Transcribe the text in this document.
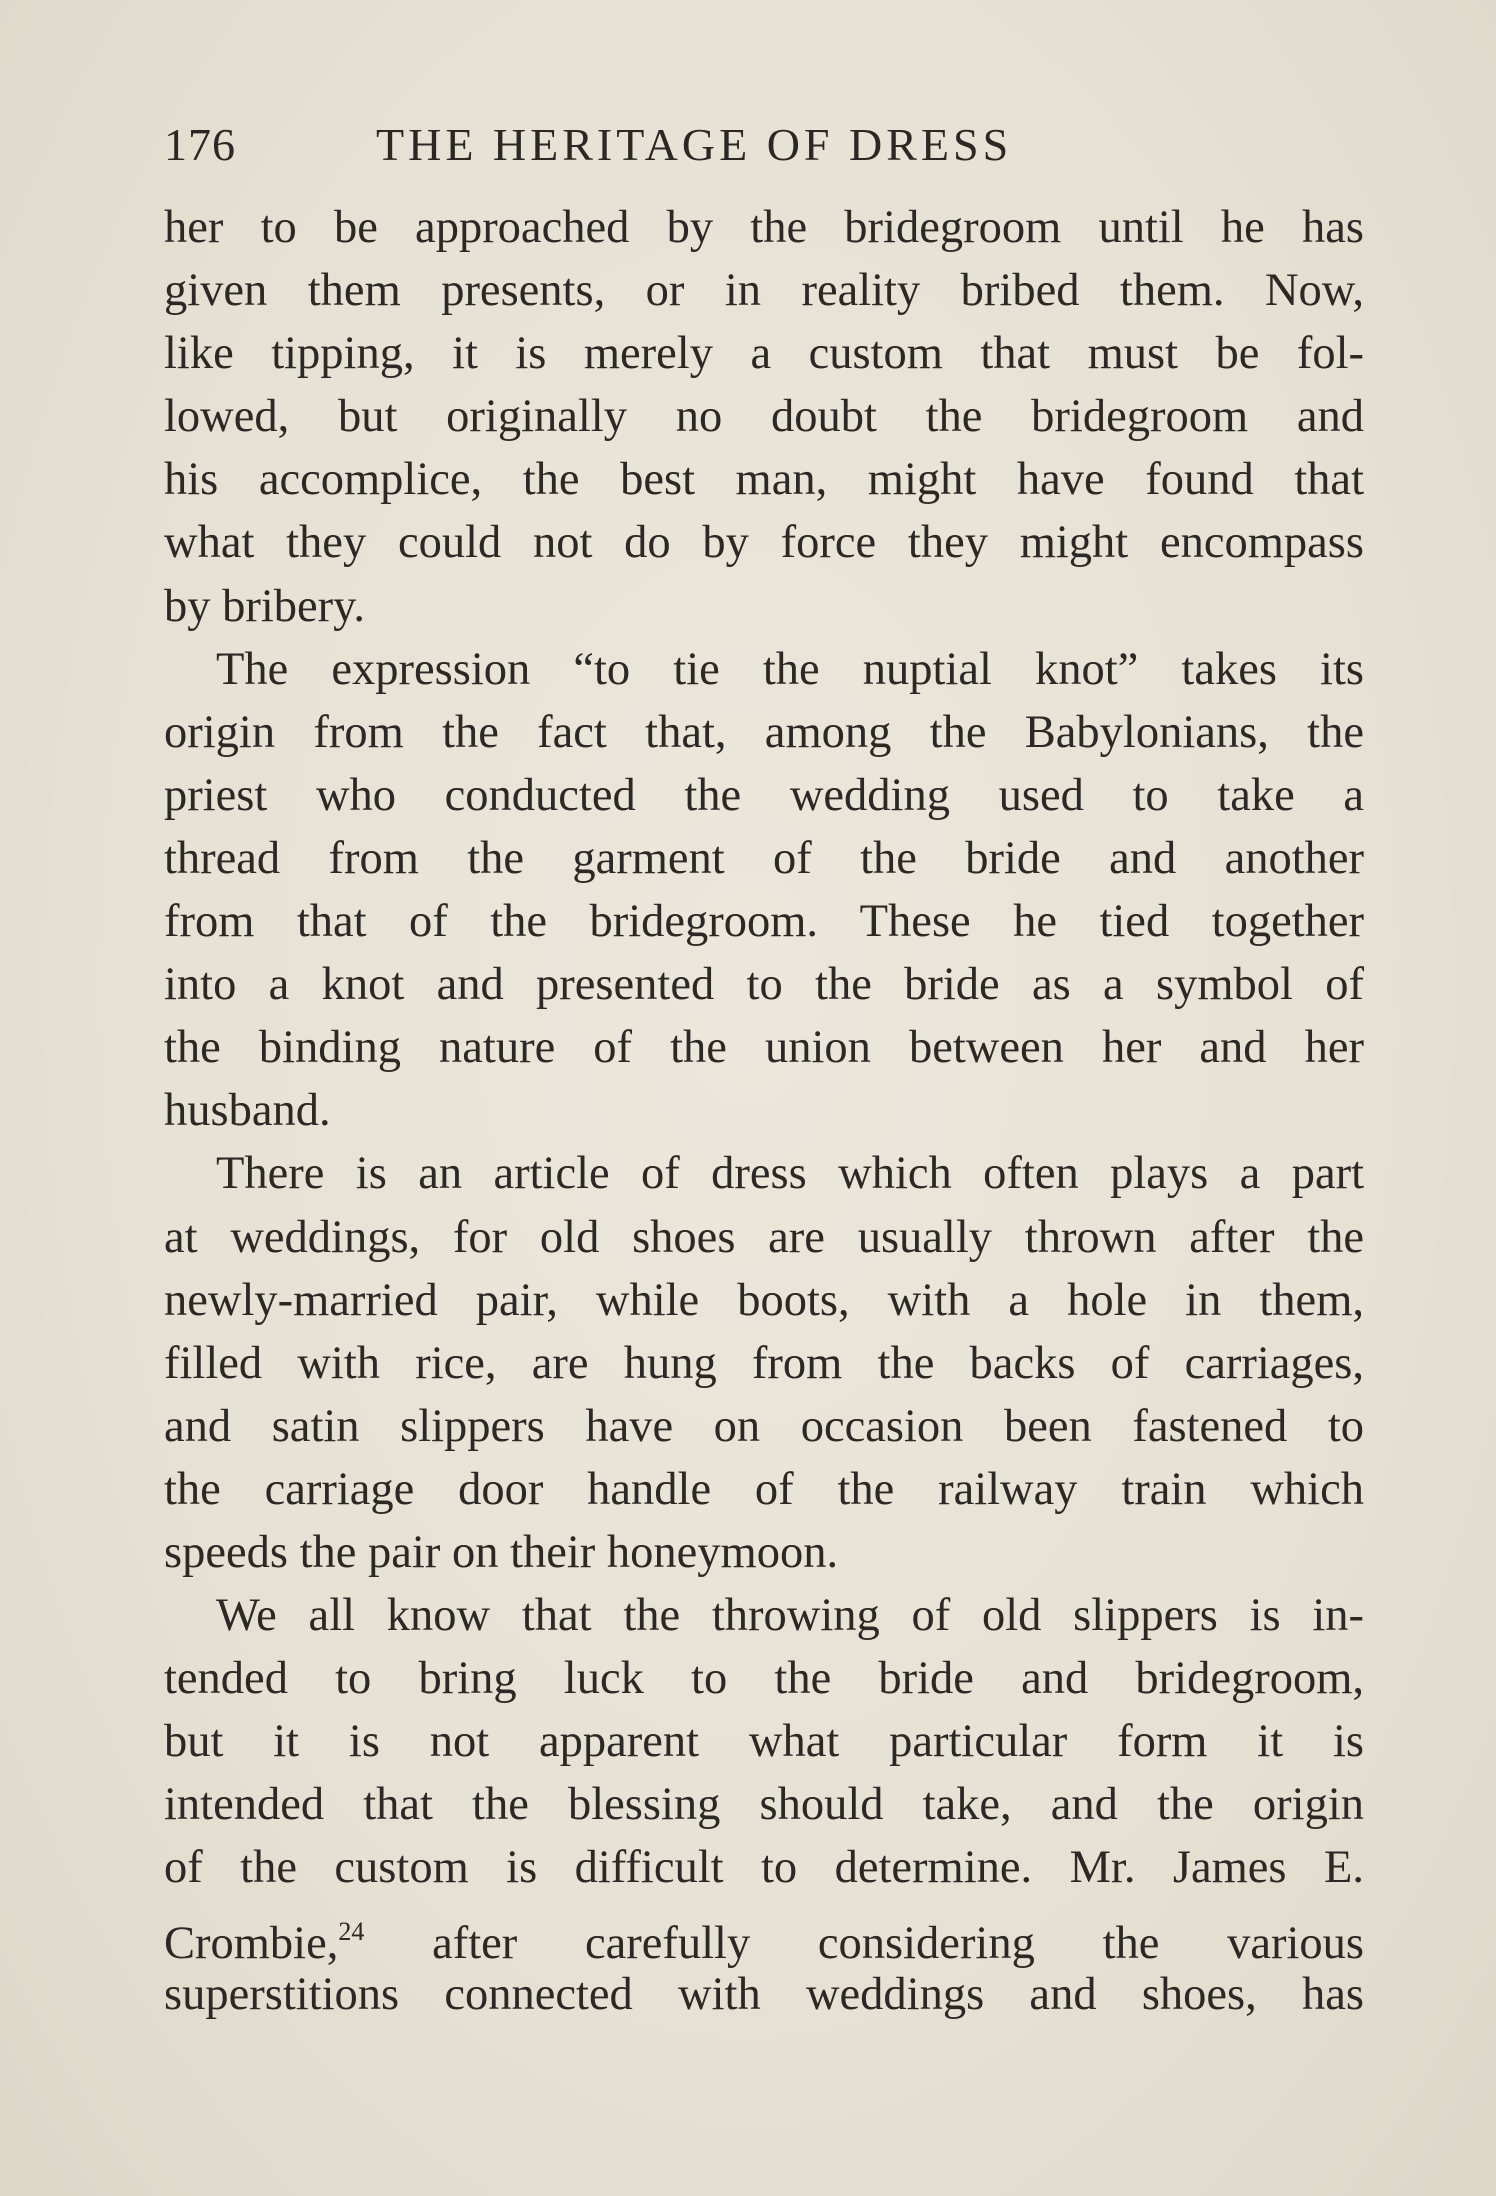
176	THE HERITAGE OF DRESS
her to be approached by the bridegroom until he has
given them presents, or in reality bribed them. Now,
like tipping, it is merely a custom that must be fol-
lowed, but originally no doubt the bridegroom and
his accomplice, the best man, might have found that
what they could not do by force they might encompass
by bribery.
The expression “to tie the nuptial knot” takes its
origin from the fact that, among the Babylonians, the
priest who conducted the wedding used to take a
thread from the garment of the bride and another
from that of the bridegroom. These he tied together
into a knot and presented to the bride as a symbol of
the binding nature of the union between her and her
husband.
There is an article of dress which often plays a part
at weddings, for old shoes are usually thrown after the
newly-married pair, while boots, with a hole in them,
filled with rice, are hung from the backs of carriages,
and satin slippers have on occasion been fastened to
the carriage door handle of the railway train which
speeds the pair on their honeymoon.
We all know that the throwing of old slippers is in-
tended to bring luck to the bride and bridegroom,
but it is not apparent what particular form it is
intended that the blessing should take, and the origin
of the custom is difficult to determine. Mr. James E.
Crombie,$^{24}$ after carefully considering the various
superstitions connected with weddings and shoes, has
